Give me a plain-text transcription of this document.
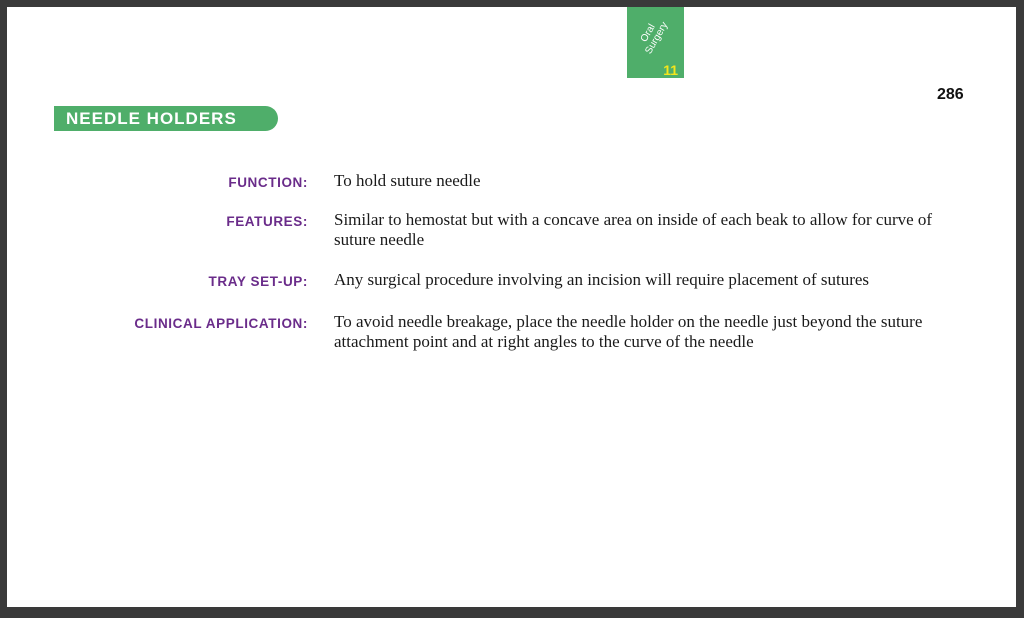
Oral Surgery
11
286
NEEDLE HOLDERS
FUNCTION: To hold suture needle
FEATURES: Similar to hemostat but with a concave area on inside of each beak to allow for curve of suture needle
TRAY SET-UP: Any surgical procedure involving an incision will require placement of sutures
CLINICAL APPLICATION: To avoid needle breakage, place the needle holder on the needle just beyond the suture attachment point and at right angles to the curve of the needle
